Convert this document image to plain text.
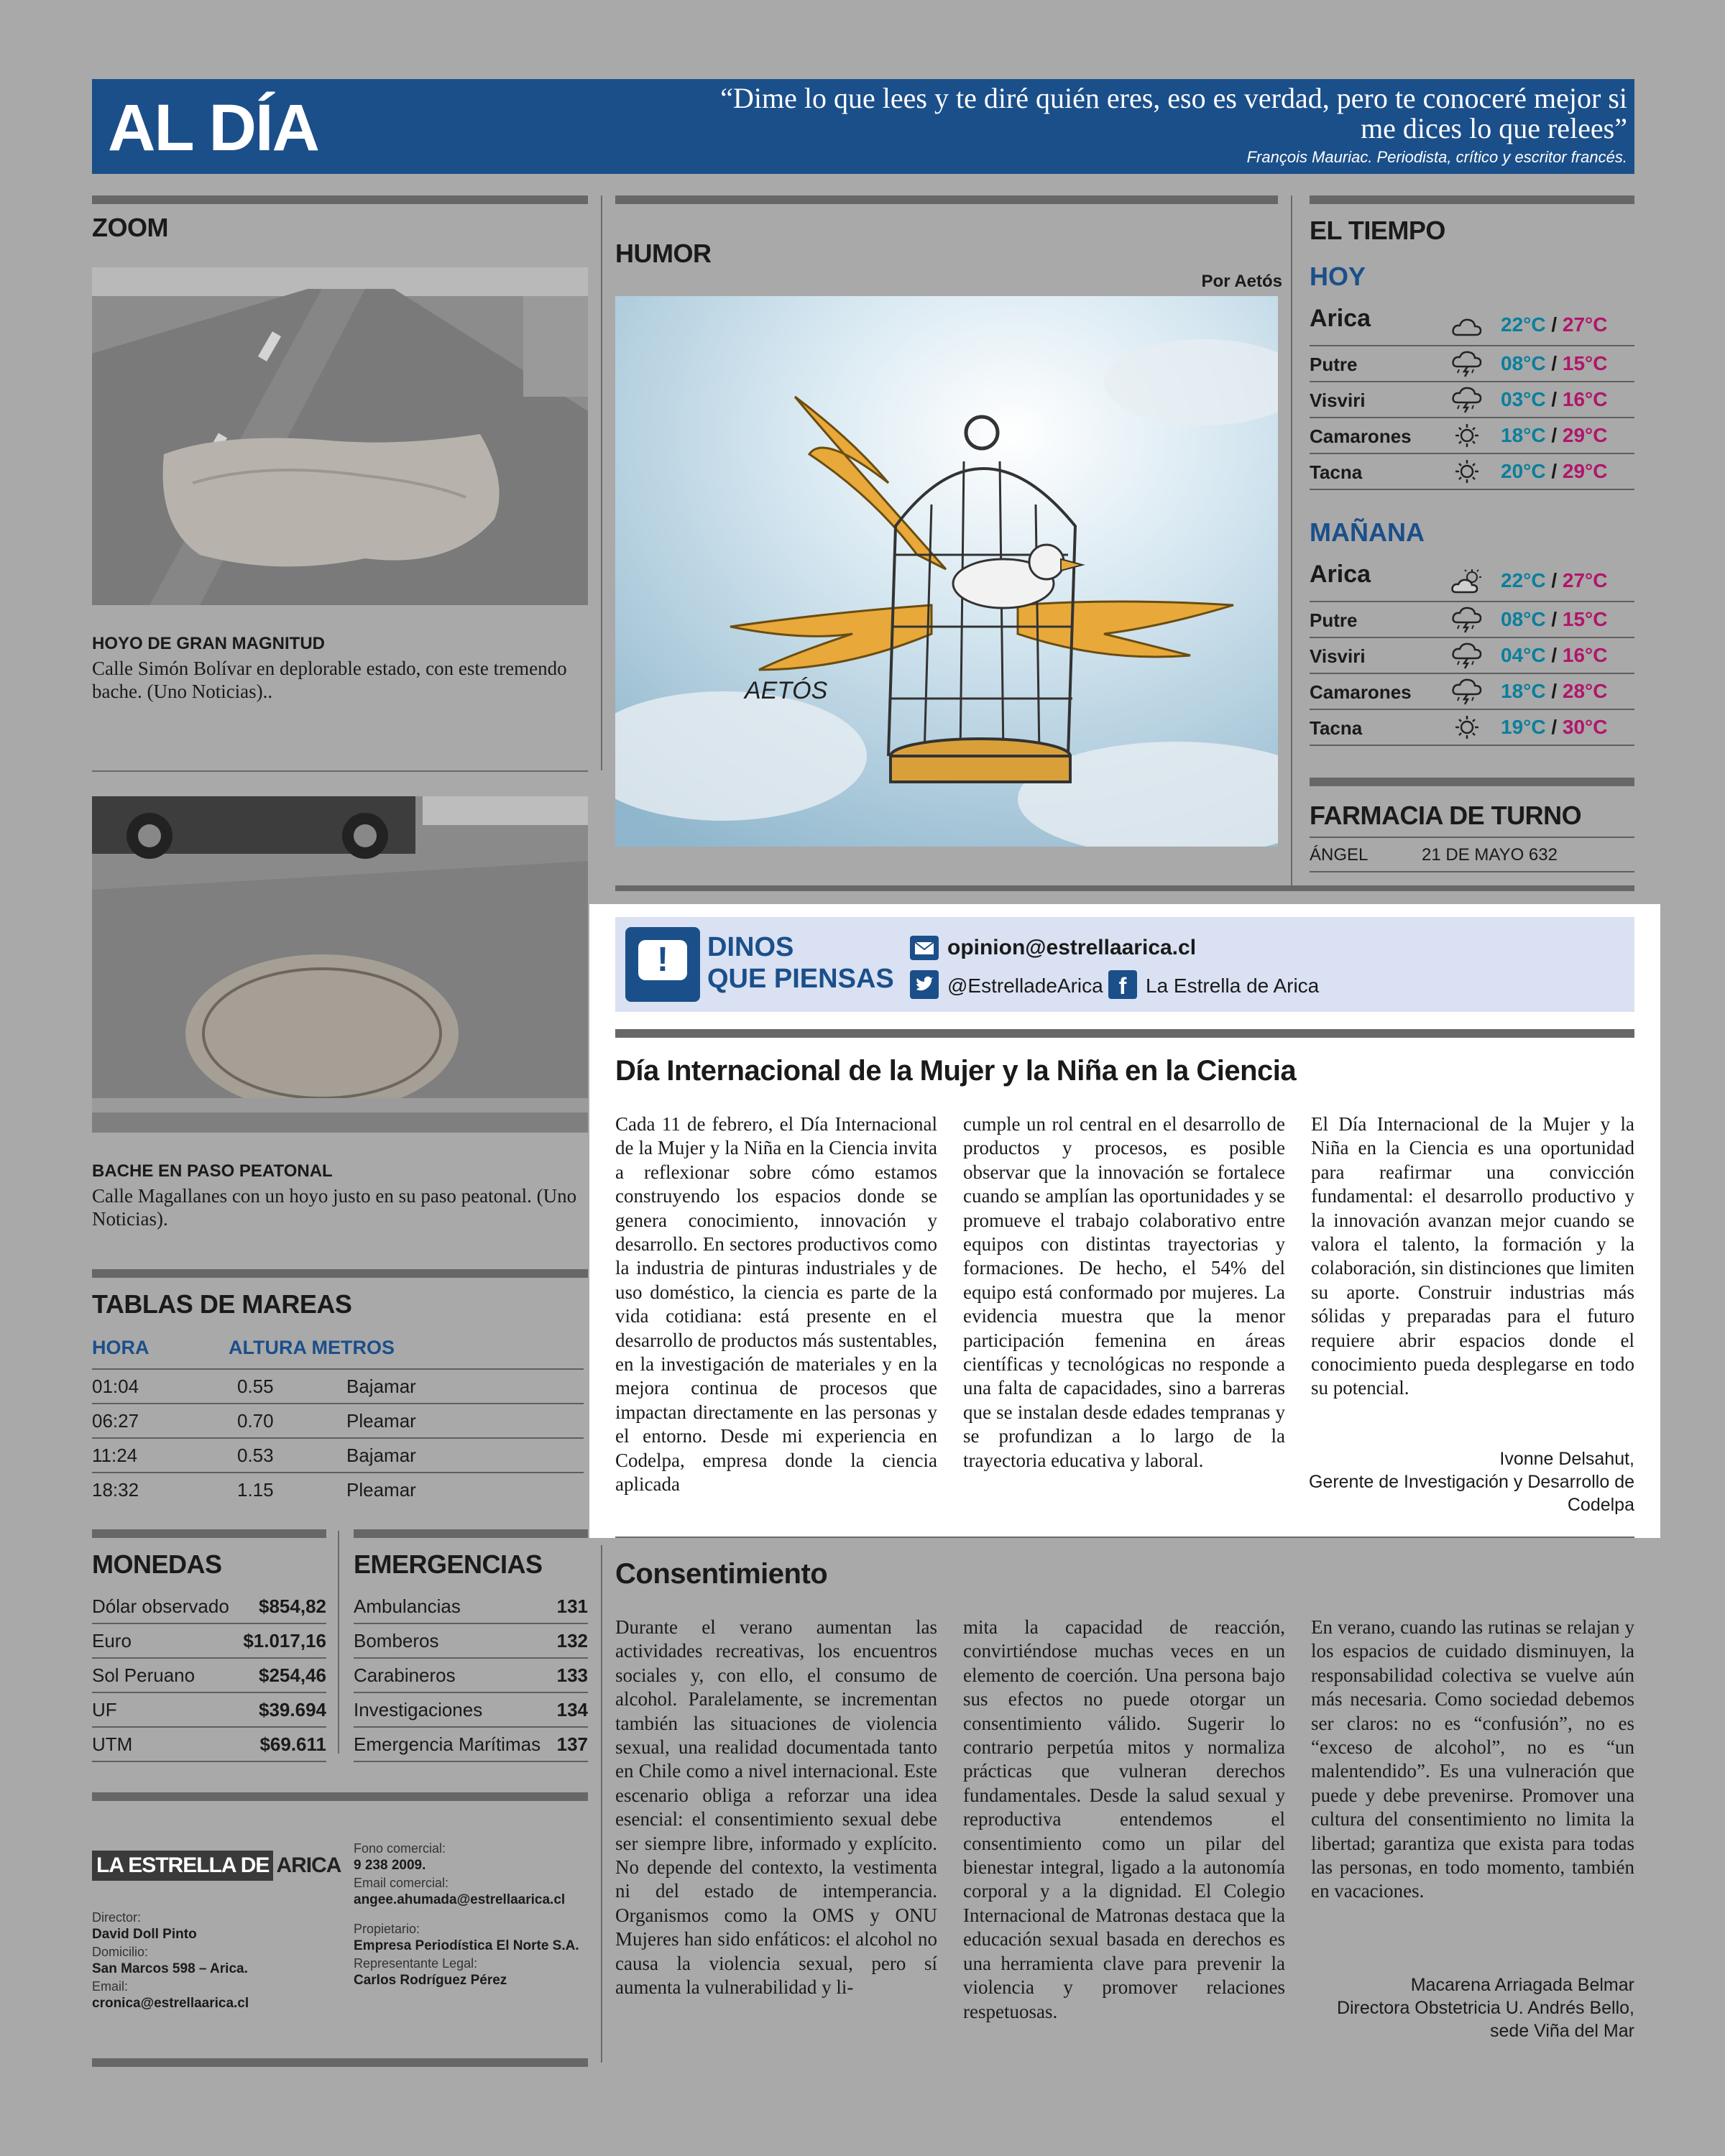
AL DÍA	“Dime lo que lees y te diré quién eres, eso es verdad, pero te conoceré mejor si me dices lo que relees”
François Mauriac. Periodista, crítico y escritor francés.
ZOOM
HOYO DE GRAN MAGNITUD
Calle Simón Bolívar en deplorable estado, con este tremendo bache. (Uno Noticias)..
BACHE EN PASO PEATONAL
Calle Magallanes con un hoyo justo en su paso peatonal. (Uno Noticias).
TABLAS DE MAREAS
HORA	ALTURA METROS
01:04	0.55	Bajamar
06:27	0.70	Pleamar
11:24	0.53	Bajamar
18:32	1.15	Pleamar
MONEDAS
Dólar observado $854,82
Euro	$1.017,16
Sol Peruano	$254,46
UF	$39.694
UTM	$69.611
EMERGENCIAS
Ambulancias	131
Bomberos	132
Carabineros	133
Investigaciones	134
Emergencia Marítimas 137
LA ESTRELLA DE ARICA
Director:
David Doll Pinto
Domicilio:
San Marcos 598 – Arica.
Email:
cronica@estrellaarica.cl
Fono comercial:
9 238 2009.
Email comercial:
angee.ahumada@estrellaarica.cl
Propietario:
Empresa Periodística El Norte S.A.
Representante Legal:
Carlos Rodríguez Pérez
HUMOR
Por Aetós
AETÓS
EL TIEMPO
HOY
MAÑANA
Arica	22°C / 27°C
Putre	08°C / 15°C
Visviri	03°C / 16°C
Camarones	18°C / 29°C
Tacna	20°C / 29°C
Arica	22°C / 27°C
Putre	08°C / 15°C
Visviri	04°C / 16°C
Camarones	18°C / 28°C
Tacna	19°C / 30°C
FARMACIA DE TURNO
ÁNGEL	21 DE MAYO 632
!	DINOS
QUE PIENSAS
opinion@estrellaarica.cl
@EstrelladeArica f La Estrella de Arica
Día Internacional de la Mujer y la Niña en la Ciencia
Cada 11 de febrero, el Día Internacional de la Mujer y la Niña en la Ciencia invita a reflexionar sobre cómo estamos construyendo los espacios donde se genera conocimiento, innovación y desarrollo. En sectores productivos como la industria de pinturas industriales y de uso doméstico, la ciencia es parte de la vida cotidiana: está presente en el desarrollo de productos más sustentables, en la investigación de materiales y en la mejora continua de procesos que impactan directamente en las personas y el entorno. Desde mi experiencia en Codelpa, empresa donde la ciencia aplicada
cumple un rol central en el desarrollo de productos y procesos, es posible observar que la innovación se fortalece cuando se amplían las oportunidades y se promueve el trabajo colaborativo entre equipos con distintas trayectorias y formaciones. De hecho, el 54% del equipo está conformado por mujeres. La evidencia muestra que la menor participación femenina en áreas científicas y tecnológicas no responde a una falta de capacidades, sino a barreras que se instalan desde edades tempranas y se profundizan a lo largo de la trayectoria educativa y laboral.
El Día Internacional de la Mujer y la Niña en la Ciencia es una oportunidad para reafirmar una convicción fundamental: el desarrollo productivo y la innovación avanzan mejor cuando se valora el talento, la formación y la colaboración, sin distinciones que limiten su aporte. Construir industrias más sólidas y preparadas para el futuro requiere abrir espacios donde el conocimiento pueda desplegarse en todo su potencial.
Ivonne Delsahut,
Gerente de Investigación y Desarrollo de Codelpa
Consentimiento
Durante el verano aumentan las actividades recreativas, los encuentros sociales y, con ello, el consumo de alcohol. Paralelamente, se incrementan también las situaciones de violencia sexual, una realidad documentada tanto en Chile como a nivel internacional. Este escenario obliga a reforzar una idea esencial: el consentimiento sexual debe ser siempre libre, informado y explícito. No depende del contexto, la vestimenta ni del estado de intemperancia. Organismos como la OMS y ONU Mujeres han sido enfáticos: el alcohol no causa la violencia sexual, pero sí aumenta la vulnerabilidad y li-
mita la capacidad de reacción, convirtiéndose muchas veces en un elemento de coerción. Una persona bajo sus efectos no puede otorgar un consentimiento válido. Sugerir lo contrario perpetúa mitos y normaliza prácticas que vulneran derechos fundamentales. Desde la salud sexual y reproductiva entendemos el consentimiento como un pilar del bienestar integral, ligado a la autonomía corporal y a la dignidad. El Colegio Internacional de Matronas destaca que la educación sexual basada en derechos es una herramienta clave para prevenir la violencia y promover relaciones respetuosas.
En verano, cuando las rutinas se relajan y los espacios de cuidado disminuyen, la responsabilidad colectiva se vuelve aún más necesaria. Como sociedad debemos ser claros: no es “confusión”, no es “exceso de alcohol”, no es “un malentendido”. Es una vulneración que puede y debe prevenirse. Promover una cultura del consentimiento no limita la libertad; garantiza que exista para todas las personas, en todo momento, también en vacaciones.
Macarena Arriagada Belmar
Directora Obstetricia U. Andrés Bello, sede Viña del Mar
